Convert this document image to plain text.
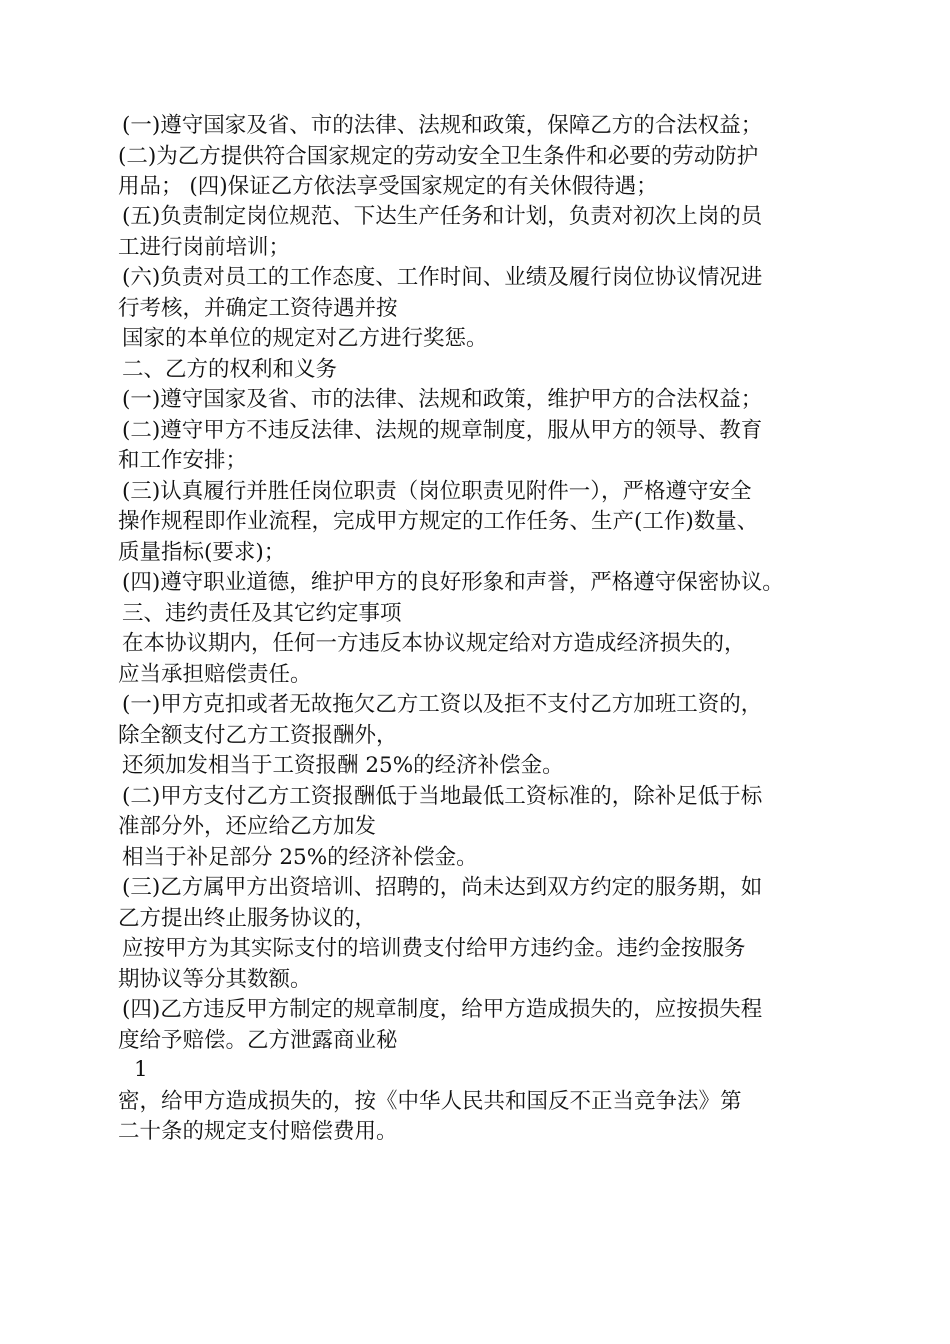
(一)遵守国家及省、市的法律、法规和政策，保障乙方的合法权益；
(二)为乙方提供符合国家规定的劳动安全卫生条件和必要的劳动防护
用品； (四)保证乙方依法享受国家规定的有关休假待遇；
(五)负责制定岗位规范、下达生产任务和计划，负责对初次上岗的员
工进行岗前培训；
(六)负责对员工的工作态度、工作时间、业绩及履行岗位协议情况进
行考核，并确定工资待遇并按
国家的本单位的规定对乙方进行奖惩。
二、乙方的权利和义务
(一)遵守国家及省、市的法律、法规和政策，维护甲方的合法权益；
(二)遵守甲方不违反法律、法规的规章制度，服从甲方的领导、教育
和工作安排；
(三)认真履行并胜任岗位职责（岗位职责见附件一），严格遵守安全
操作规程即作业流程，完成甲方规定的工作任务、生产(工作)数量、
质量指标(要求)；
(四)遵守职业道德，维护甲方的良好形象和声誉，严格遵守保密协议。
三、违约责任及其它约定事项
在本协议期内，任何一方违反本协议规定给对方造成经济损失的，
应当承担赔偿责任。
(一)甲方克扣或者无故拖欠乙方工资以及拒不支付乙方加班工资的，
除全额支付乙方工资报酬外，
还须加发相当于工资报酬 25%的经济补偿金。
(二)甲方支付乙方工资报酬低于当地最低工资标准的，除补足低于标
准部分外，还应给乙方加发
相当于补足部分 25%的经济补偿金。
(三)乙方属甲方出资培训、招聘的，尚未达到双方约定的服务期，如
乙方提出终止服务协议的，
应按甲方为其实际支付的培训费支付给甲方违约金。违约金按服务
期协议等分其数额。
(四)乙方违反甲方制定的规章制度，给甲方造成损失的，应按损失程
度给予赔偿。乙方泄露商业秘
1
密，给甲方造成损失的，按《中华人民共和国反不正当竞争法》第
二十条的规定支付赔偿费用。
